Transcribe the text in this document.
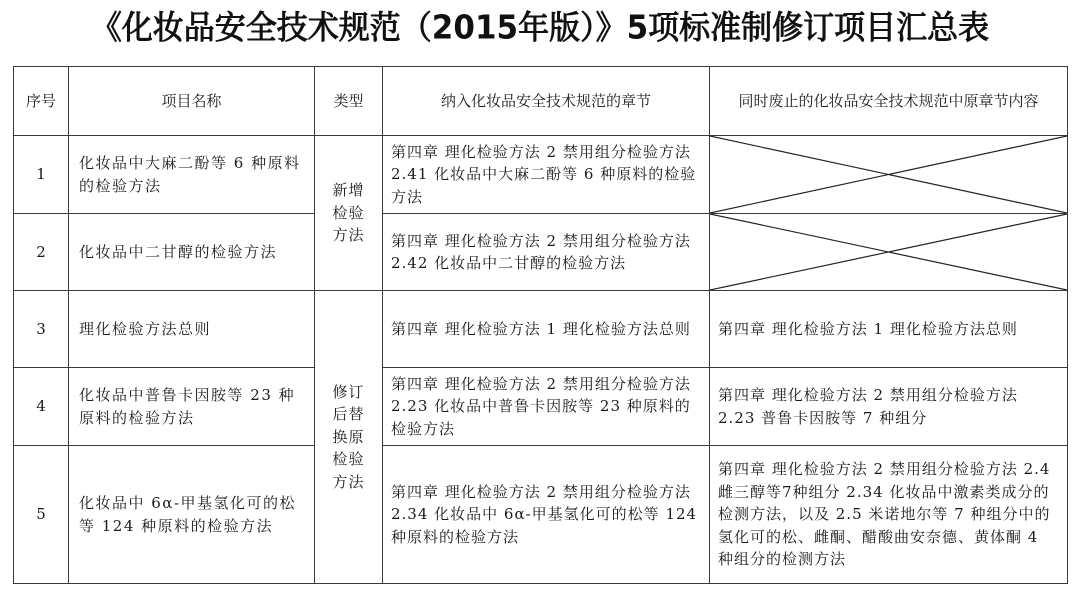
《化妆品安全技术规范（2015年版）》5项标准制修订项目汇总表
序号	项目名称	类型	纳入化妆品安全技术规范的章节	同时废止的化妆品安全技术规范中原章节内容

1	化妆品中大麻二酚等 6 种原料的检验方法	新增检验方法	第四章 理化检验方法 2 禁用组分检验方法 2.41 化妆品中大麻二酚等 6 种原料的检验方法	

2	化妆品中二甘醇的检验方法		第四章 理化检验方法 2 禁用组分检验方法 2.42 化妆品中二甘醇的检验方法	

3	理化检验方法总则	修订后替换原检验方法	第四章 理化检验方法 1 理化检验方法总则	第四章 理化检验方法 1 理化检验方法总则
4	化妆品中普鲁卡因胺等 23 种原料的检验方法		第四章 理化检验方法 2 禁用组分检验方法 2.23 化妆品中普鲁卡因胺等 23 种原料的检验方法	第四章 理化检验方法 2 禁用组分检验方法 2.23 普鲁卡因胺等 7 种组分
5	化妆品中 6α-甲基氢化可的松等 124 种原料的检验方法		第四章 理化检验方法 2 禁用组分检验方法 2.34 化妆品中 6α-甲基氢化可的松等 124 种原料的检验方法	第四章 理化检验方法 2 禁用组分检验方法 2.4 雌三醇等7种组分 2.34 化妆品中激素类成分的检测方法，以及 2.5 米诺地尔等 7 种组分中的氢化可的松、雌酮、醋酸曲安奈德、黄体酮 4 种组分的检测方法
